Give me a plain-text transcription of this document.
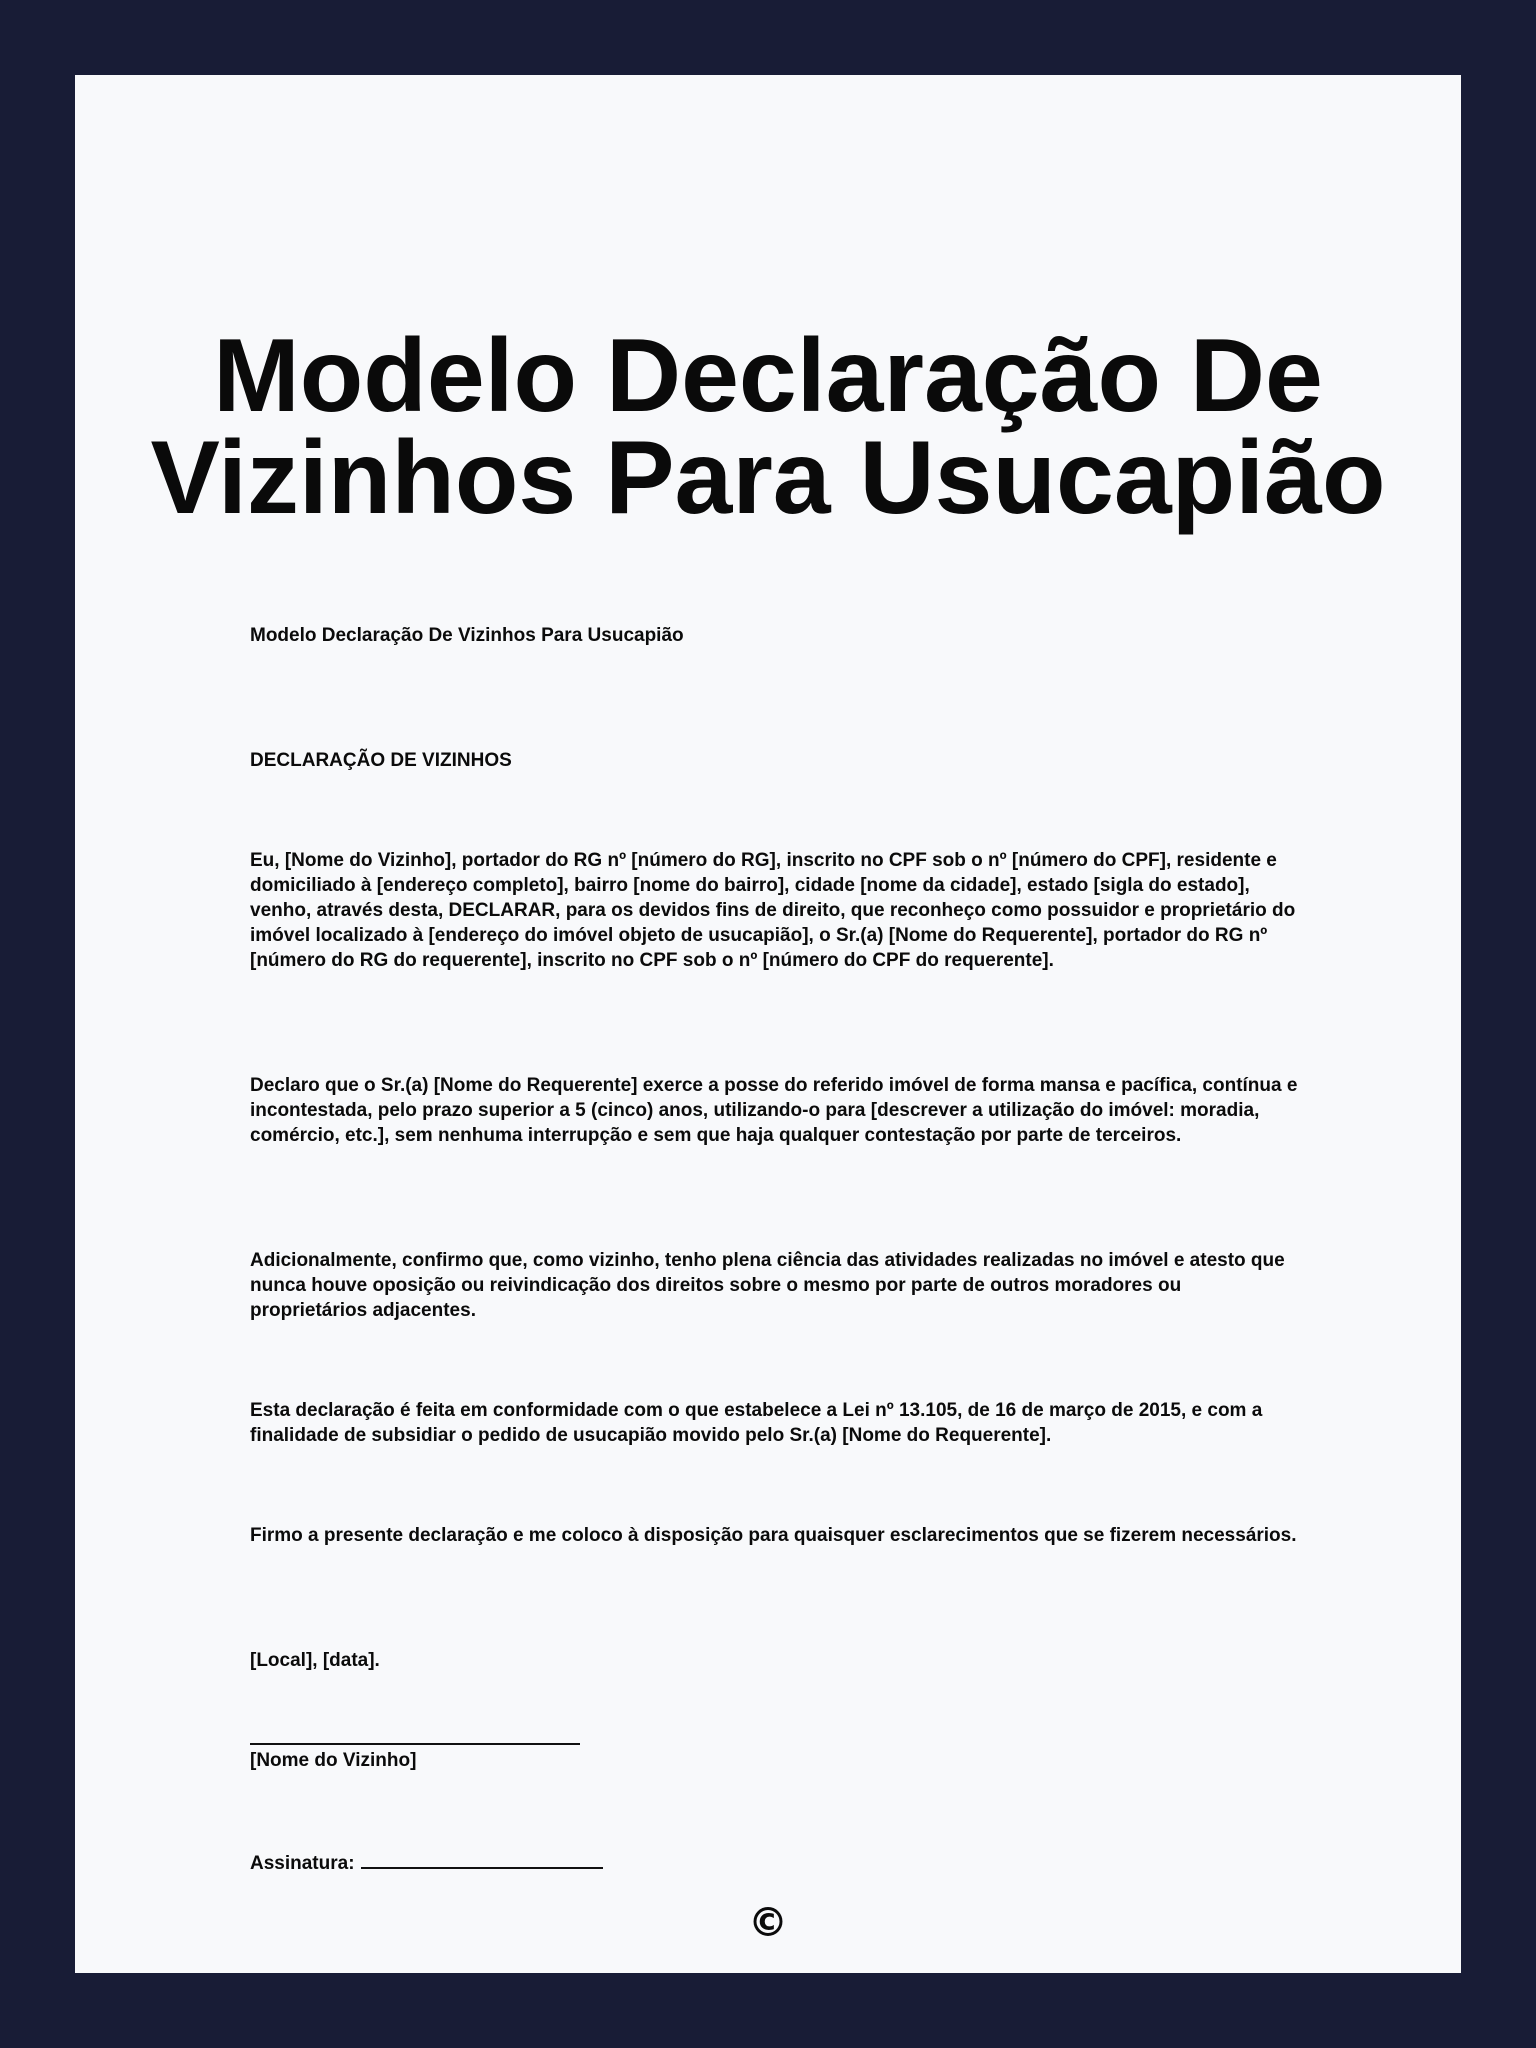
Modelo Declaração De
Vizinhos Para Usucapião

Modelo Declaração De Vizinhos Para Usucapião

DECLARAÇÃO DE VIZINHOS

Eu, [Nome do Vizinho], portador do RG nº [número do RG], inscrito no CPF sob o nº [número do CPF], residente e domiciliado à [endereço completo], bairro [nome do bairro], cidade [nome da cidade], estado [sigla do estado], venho, através desta, DECLARAR, para os devidos fins de direito, que reconheço como possuidor e proprietário do imóvel localizado à [endereço do imóvel objeto de usucapião], o Sr.(a) [Nome do Requerente], portador do RG nº [número do RG do requerente], inscrito no CPF sob o nº [número do CPF do requerente].

Declaro que o Sr.(a) [Nome do Requerente] exerce a posse do referido imóvel de forma mansa e pacífica, contínua e incontestada, pelo prazo superior a 5 (cinco) anos, utilizando-o para [descrever a utilização do imóvel: moradia, comércio, etc.], sem nenhuma interrupção e sem que haja qualquer contestação por parte de terceiros.

Adicionalmente, confirmo que, como vizinho, tenho plena ciência das atividades realizadas no imóvel e atesto que nunca houve oposição ou reivindicação dos direitos sobre o mesmo por parte de outros moradores ou proprietários adjacentes.

Esta declaração é feita em conformidade com o que estabelece a Lei nº 13.105, de 16 de março de 2015, e com a finalidade de subsidiar o pedido de usucapião movido pelo Sr.(a) [Nome do Requerente].

Firmo a presente declaração e me coloco à disposição para quaisquer esclarecimentos que se fizerem necessários.

[Local], [data].

[Nome do Vizinho]

Assinatura:

©
